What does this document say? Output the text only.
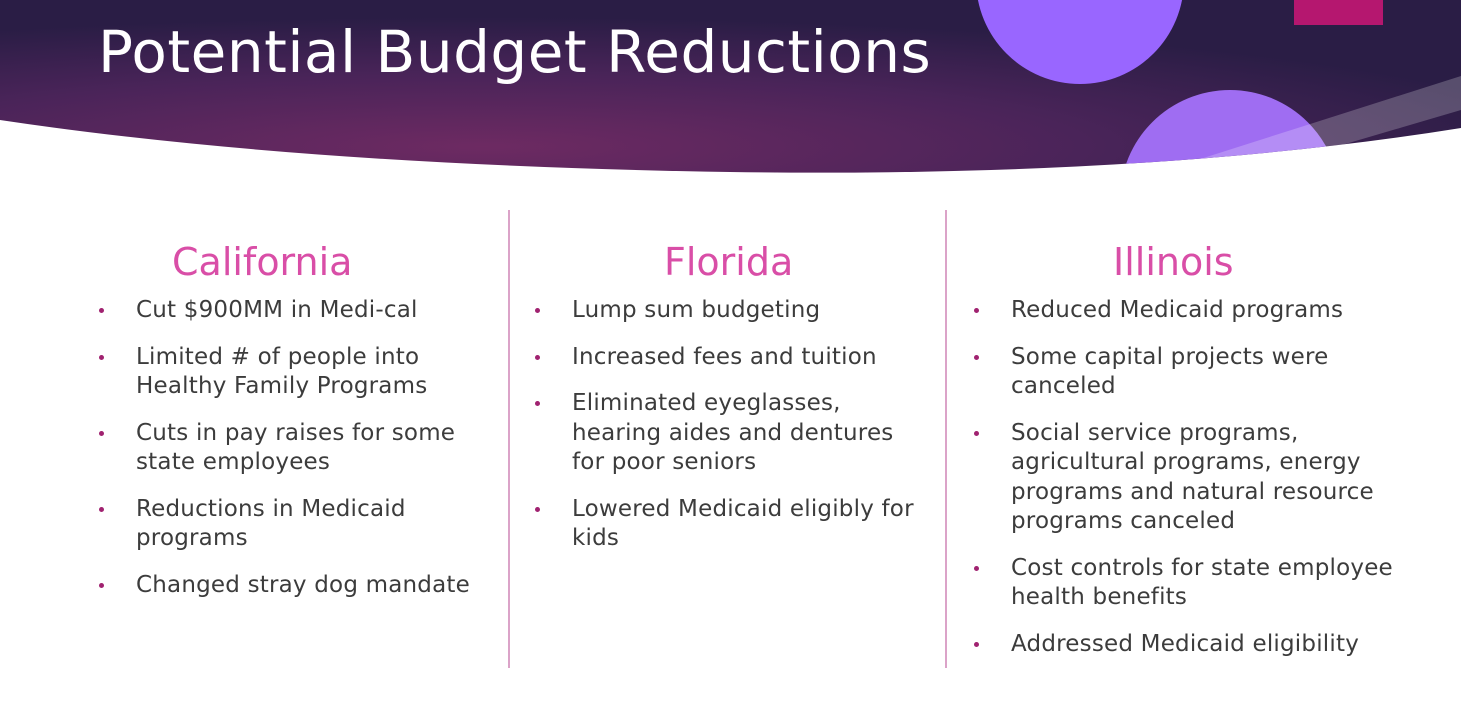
Potential Budget Reductions
California
Cut $900MM in Medi-cal
Limited # of people into Healthy Family Programs
Cuts in pay raises for some state employees
Reductions in Medicaid programs
Changed stray dog mandate
Florida
Lump sum budgeting
Increased fees and tuition
Eliminated eyeglasses, hearing aides and dentures for poor seniors
Lowered Medicaid eligibly for kids
Illinois
Reduced Medicaid programs
Some capital projects were canceled
Social service programs, agricultural programs, energy programs and natural resource programs canceled
Cost controls for state employee health benefits
Addressed Medicaid eligibility
